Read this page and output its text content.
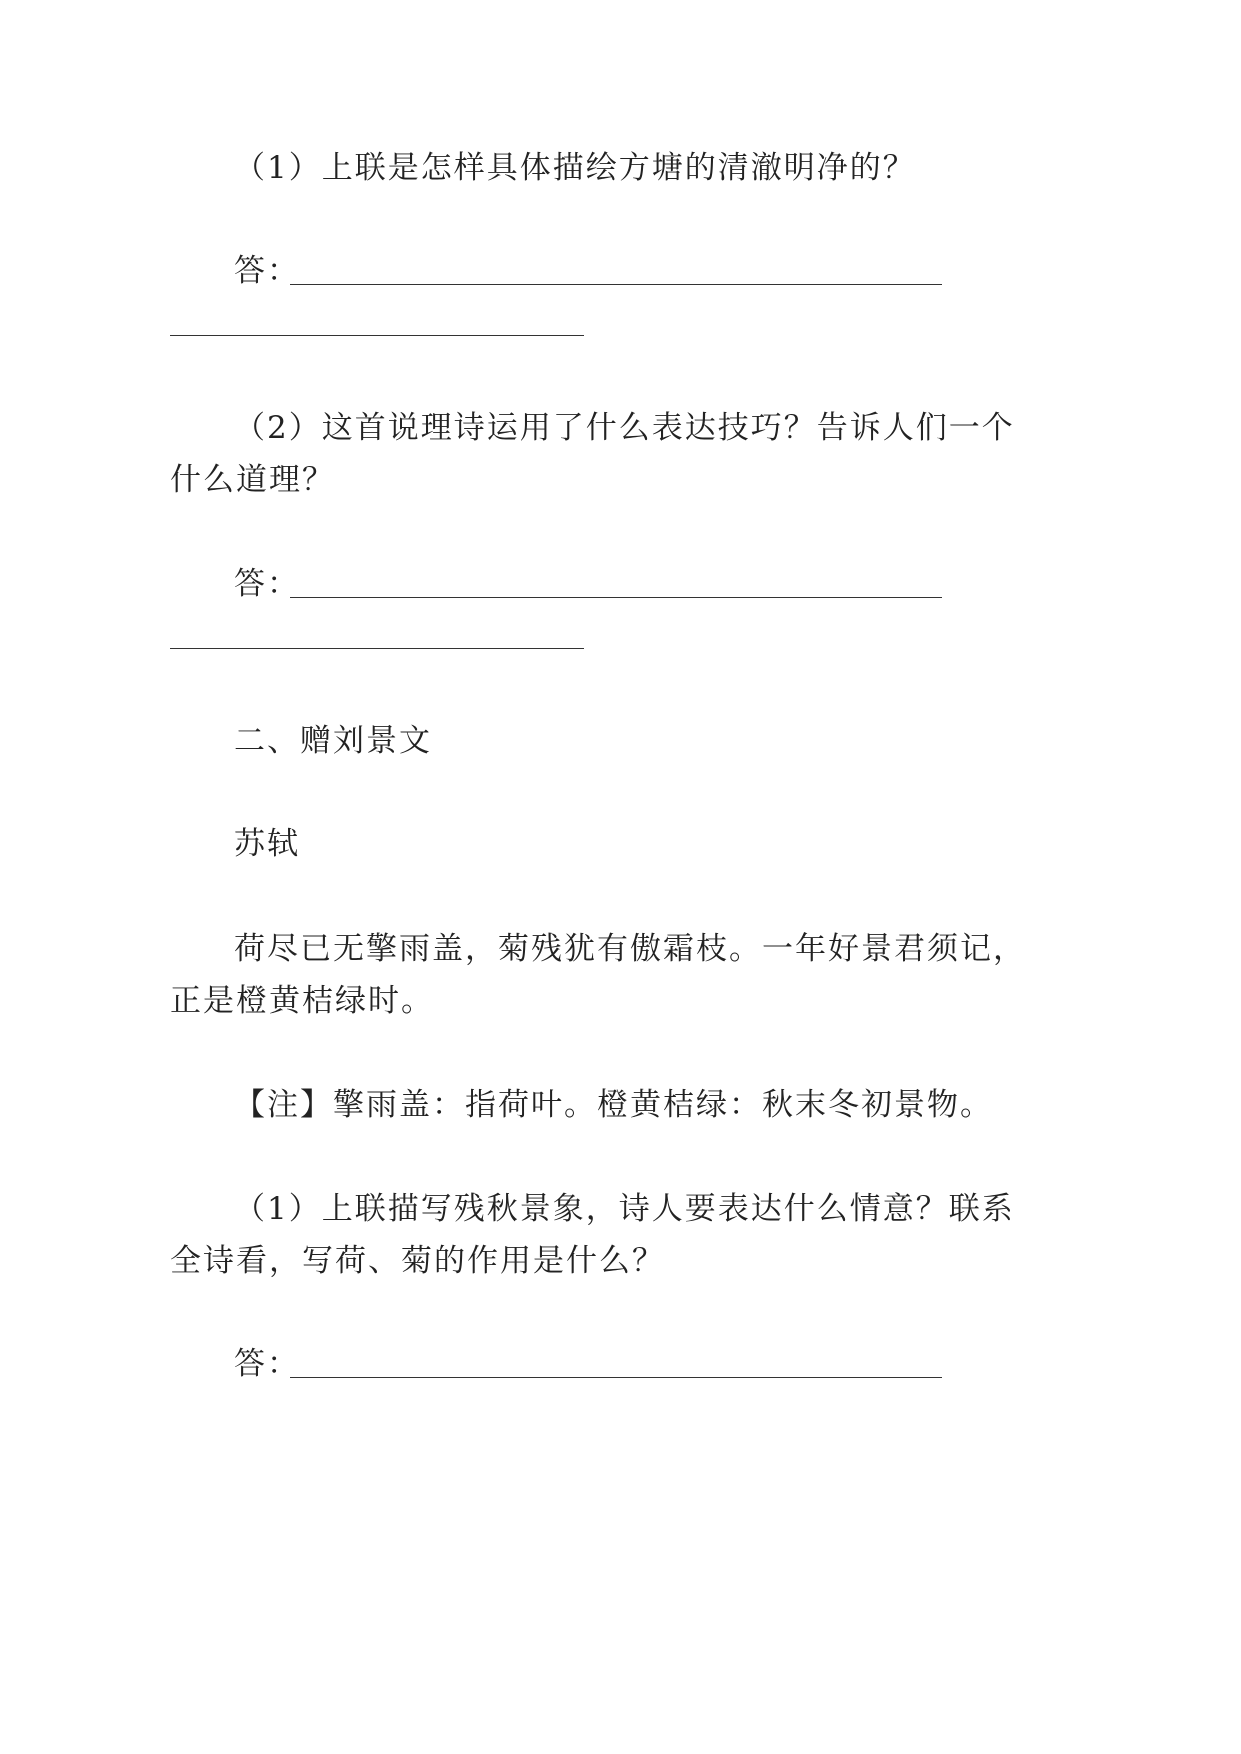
（1）上联是怎样具体描绘方塘的清澈明净的？
答：
（2）这首说理诗运用了什么表达技巧？告诉人们一个
什么道理？
答：
二、赠刘景文
苏轼
荷尽已无擎雨盖，菊残犹有傲霜枝。一年好景君须记，
正是橙黄桔绿时。
【注】擎雨盖：指荷叶。橙黄桔绿：秋末冬初景物。
（1）上联描写残秋景象，诗人要表达什么情意？联系
全诗看，写荷、菊的作用是什么？
答：
